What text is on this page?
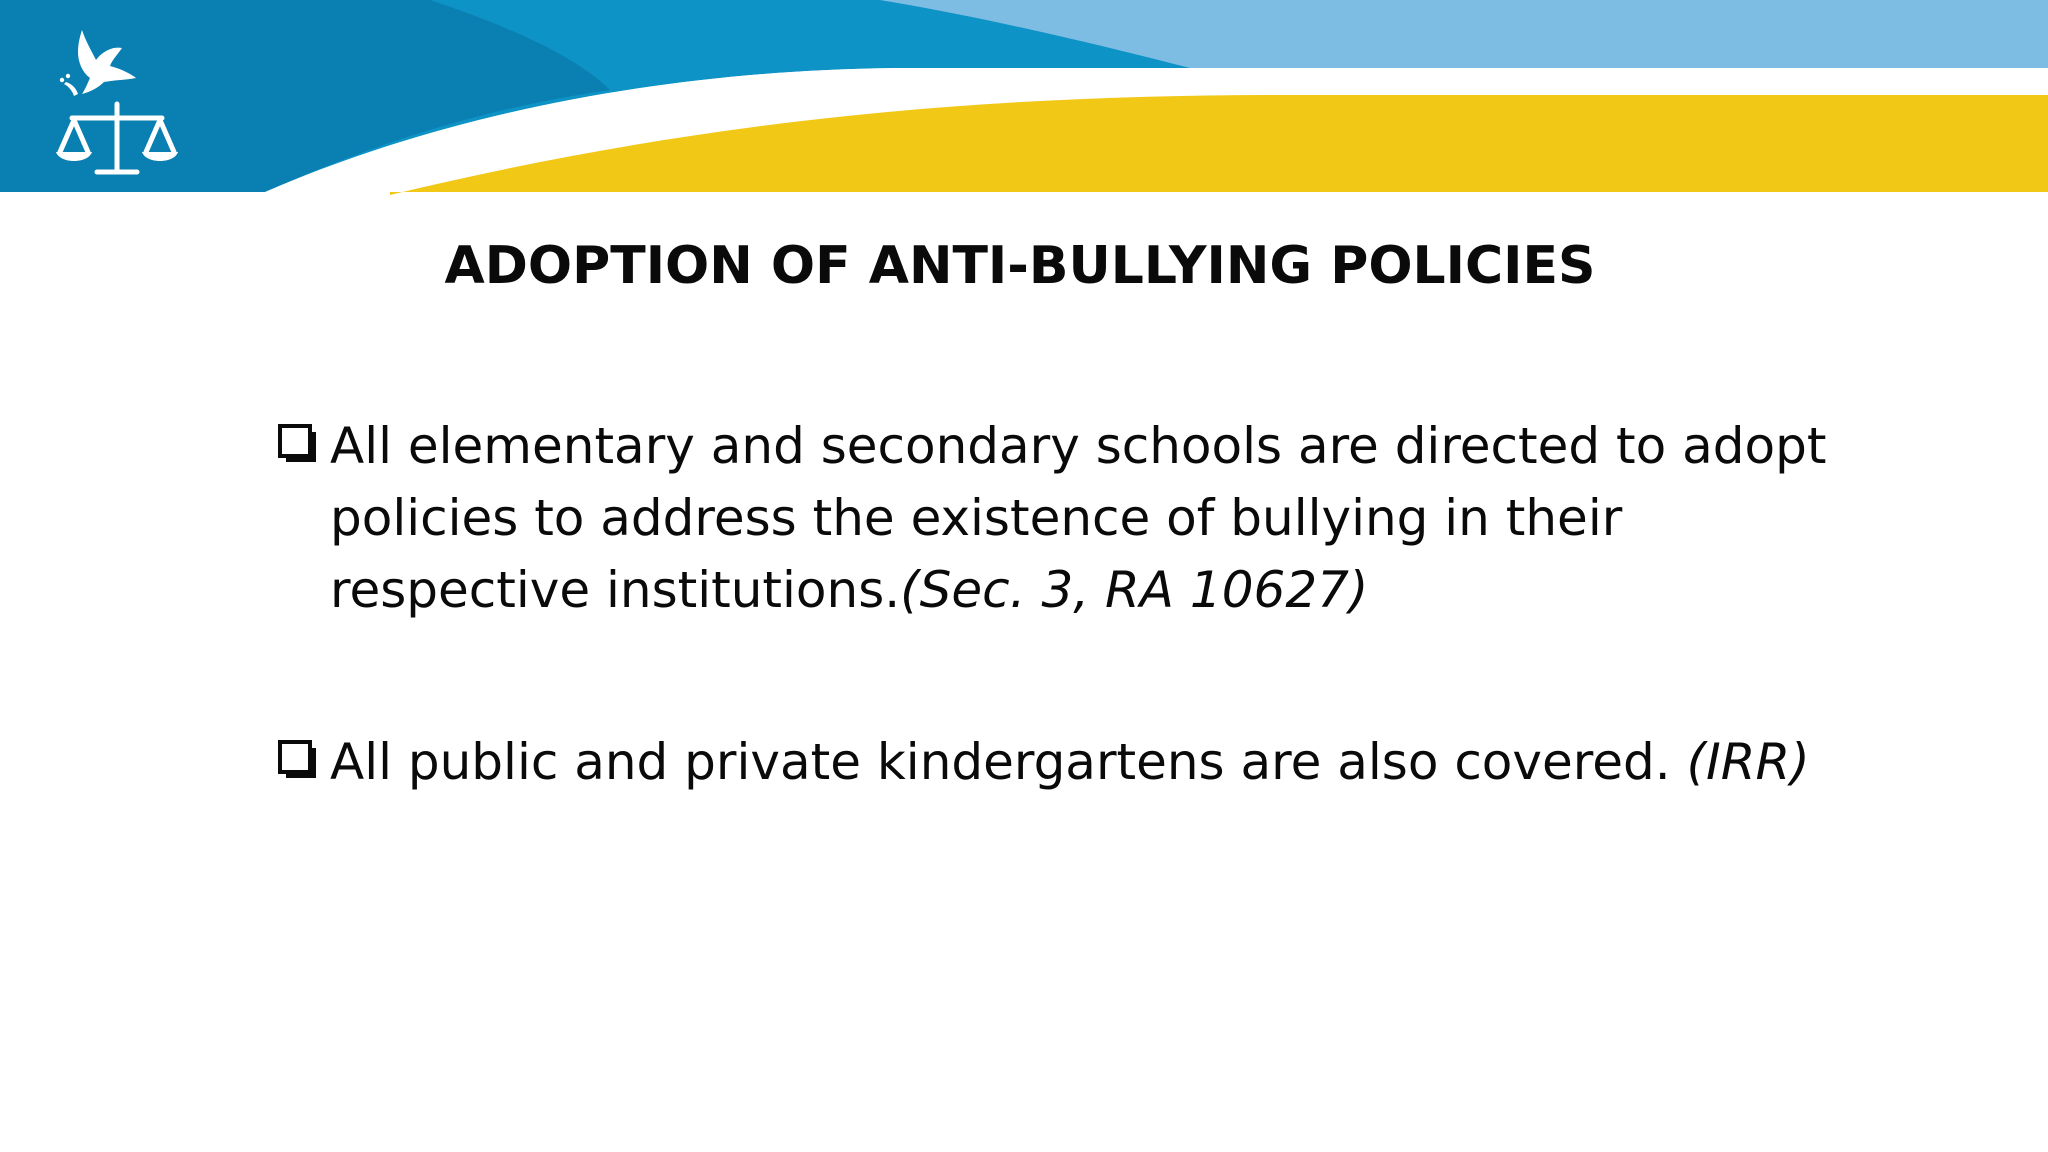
ADOPTION OF ANTI-BULLYING POLICIES
All elementary and secondary schools are directed to adopt policies to address the existence of bullying in their respective institutions.(Sec. 3, RA 10627)
All public and private kindergartens are also covered. (IRR)
